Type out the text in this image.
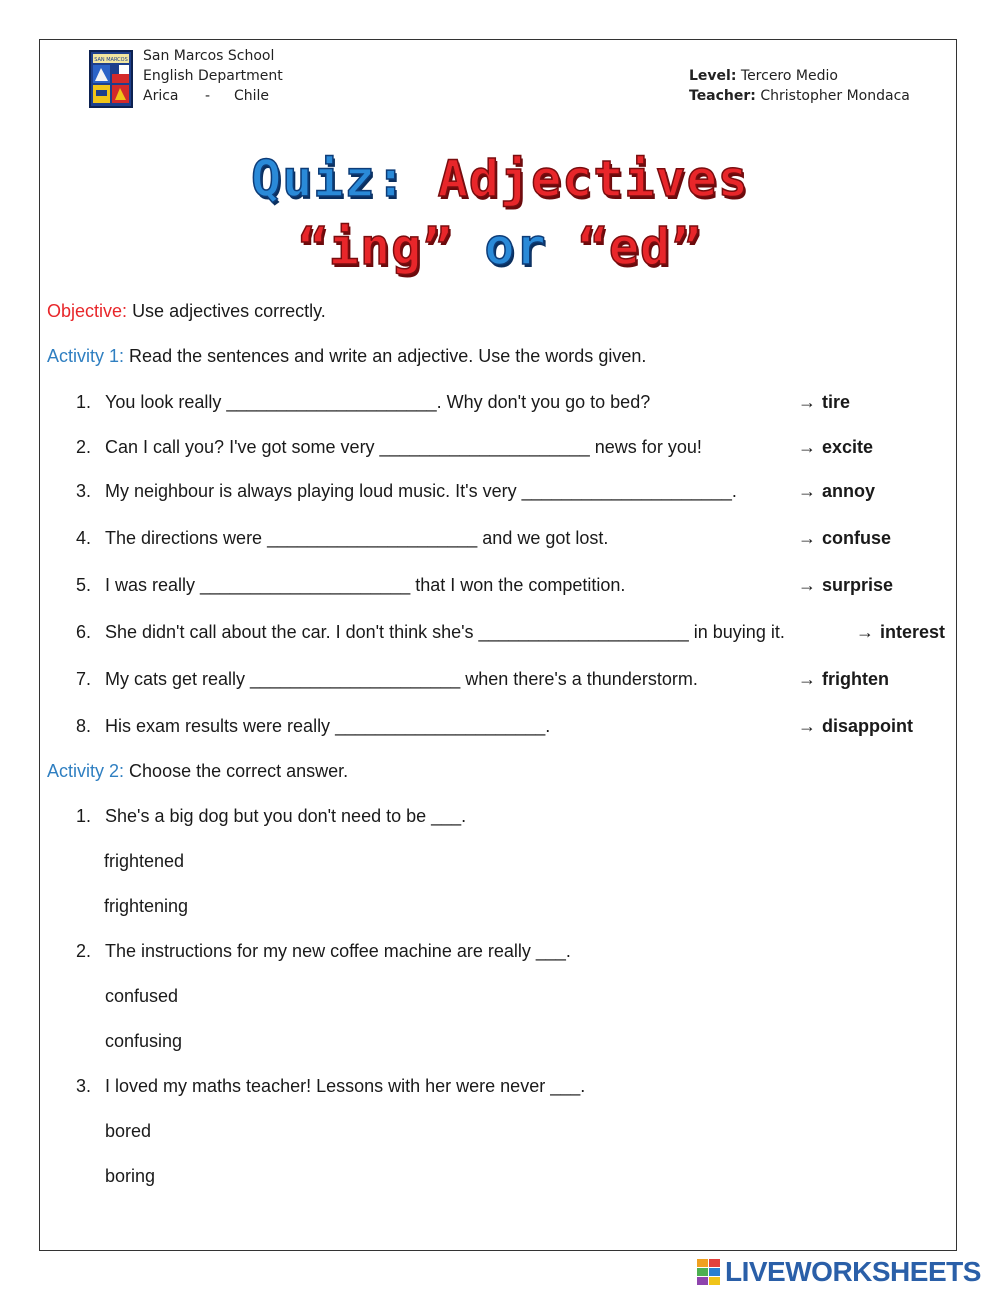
SAN MARCOS San Marcos School
English Department
Arica - Chile
Level: Tercero Medio
Teacher: Christopher Mondaca
Quiz: Adjectives
“ing” or “ed”
Objective: Use adjectives correctly.
Activity 1: Read the sentences and write an adjective. Use the words given.
1. You look really _____________________. Why don't you go to bed?	→ tire
2. Can I call you? I've got some very _____________________ news for you!	→ excite
3. My neighbour is always playing loud music. It's very _____________________.	→ annoy
4. The directions were _____________________ and we got lost.	→ confuse
5. I was really _____________________ that I won the competition.	→ surprise
6. She didn't call about the car. I don't think she's _____________________ in buying it.	→ interest
7. My cats get really _____________________ when there's a thunderstorm.	→ frighten
8. His exam results were really _____________________.	→ disappoint
Activity 2: Choose the correct answer.
1. She's a big dog but you don't need to be ___.
frightened
frightening
2. The instructions for my new coffee machine are really ___.
confused
confusing
3. I loved my maths teacher! Lessons with her were never ___.
bored
boring
LIVEWORKSHEETS
